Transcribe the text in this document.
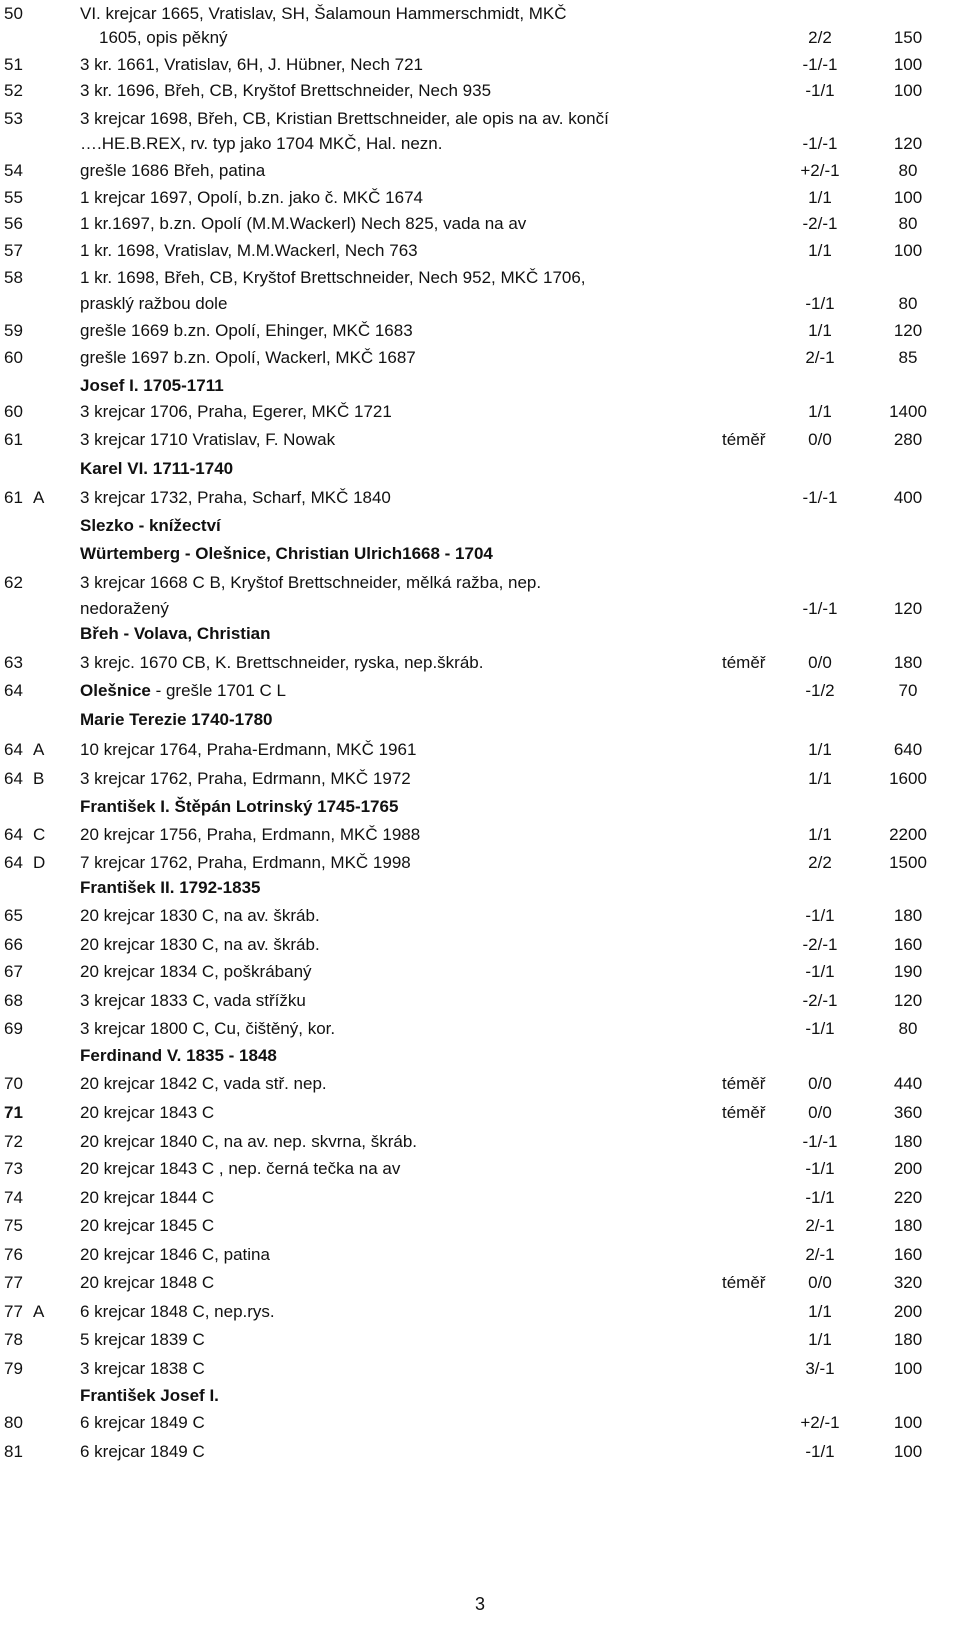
50	VI. krejcar 1665, Vratislav, SH, Šalamoun Hammerschmidt, MKČ
1605, opis pěkný	2/2	150
51	3 kr. 1661, Vratislav, 6H, J. Hübner, Nech 721	-1/-1	100
52	3 kr. 1696, Břeh, CB, Kryštof Brettschneider, Nech 935	-1/1	100
53	3 krejcar 1698, Břeh, CB, Kristian Brettschneider, ale opis na av. končí
….HE.B.REX, rv. typ jako 1704 MKČ, Hal. nezn.	-1/-1	120
54	grešle 1686 Břeh, patina	+2/-1	80
55	1 krejcar 1697, Opolí, b.zn. jako č. MKČ 1674	1/1	100
56	1 kr.1697, b.zn. Opolí (M.M.Wackerl) Nech 825, vada na av	-2/-1	80
57	1 kr. 1698, Vratislav, M.M.Wackerl, Nech 763	1/1	100
58	1 kr. 1698, Břeh, CB, Kryštof Brettschneider, Nech 952, MKČ 1706,
prasklý ražbou dole	-1/1	80
59	grešle 1669 b.zn. Opolí, Ehinger, MKČ 1683	1/1	120
60	grešle 1697 b.zn. Opolí, Wackerl, MKČ 1687	2/-1	85
Josef I. 1705-1711
60	3 krejcar 1706, Praha, Egerer, MKČ 1721	1/1	1400
61	3 krejcar 1710 Vratislav, F. Nowak	téměř	0/0	280
Karel VI. 1711-1740
61 A 3 krejcar 1732, Praha, Scharf, MKČ 1840	-1/-1	400
Slezko - knížectví
Würtemberg - Olešnice, Christian Ulrich1668 - 1704
62	3 krejcar 1668 C B, Kryštof Brettschneider, mělká ražba, nep.
nedoražený	-1/-1	120
Břeh - Volava, Christian
63	3 krejc. 1670 CB, K. Brettschneider, ryska, nep.škráb.	téměř	0/0	180
64	Olešnice - grešle 1701 C L	-1/2	70
Marie Terezie 1740-1780
64 A 10 krejcar 1764, Praha-Erdmann, MKČ 1961	1/1	640
64 B 3 krejcar 1762, Praha, Edrmann, MKČ 1972	1/1	1600
František I. Štěpán Lotrinský 1745-1765
64 C 20 krejcar 1756, Praha, Erdmann, MKČ 1988	1/1	2200
64 D 7 krejcar 1762, Praha, Erdmann, MKČ 1998	2/2	1500
František II. 1792-1835
65	20 krejcar 1830 C, na av. škráb.	-1/1	180
66	20 krejcar 1830 C, na av. škráb.	-2/-1	160
67	20 krejcar 1834 C, poškrábaný	-1/1	190
68	3 krejcar 1833 C, vada střížku	-2/-1	120
69	3 krejcar 1800 C, Cu, čištěný, kor.	-1/1	80
Ferdinand V. 1835 - 1848
70	20 krejcar 1842 C, vada stř. nep.	téměř	0/0	440
71	20 krejcar 1843 C	téměř	0/0	360
72	20 krejcar 1840 C, na av. nep. skvrna, škráb.	-1/-1	180
73	20 krejcar 1843 C , nep. černá tečka na av	-1/1	200
74	20 krejcar 1844 C	-1/1	220
75	20 krejcar 1845 C	2/-1	180
76	20 krejcar 1846 C, patina	2/-1	160
77	20 krejcar 1848 C	téměř	0/0	320
77 A 6 krejcar 1848 C, nep.rys.	1/1	200
78	5 krejcar 1839 C	1/1	180
79	3 krejcar 1838 C	3/-1	100
František Josef I.
80	6 krejcar 1849 C	+2/-1	100
81	6 krejcar 1849 C	-1/1	100
3
